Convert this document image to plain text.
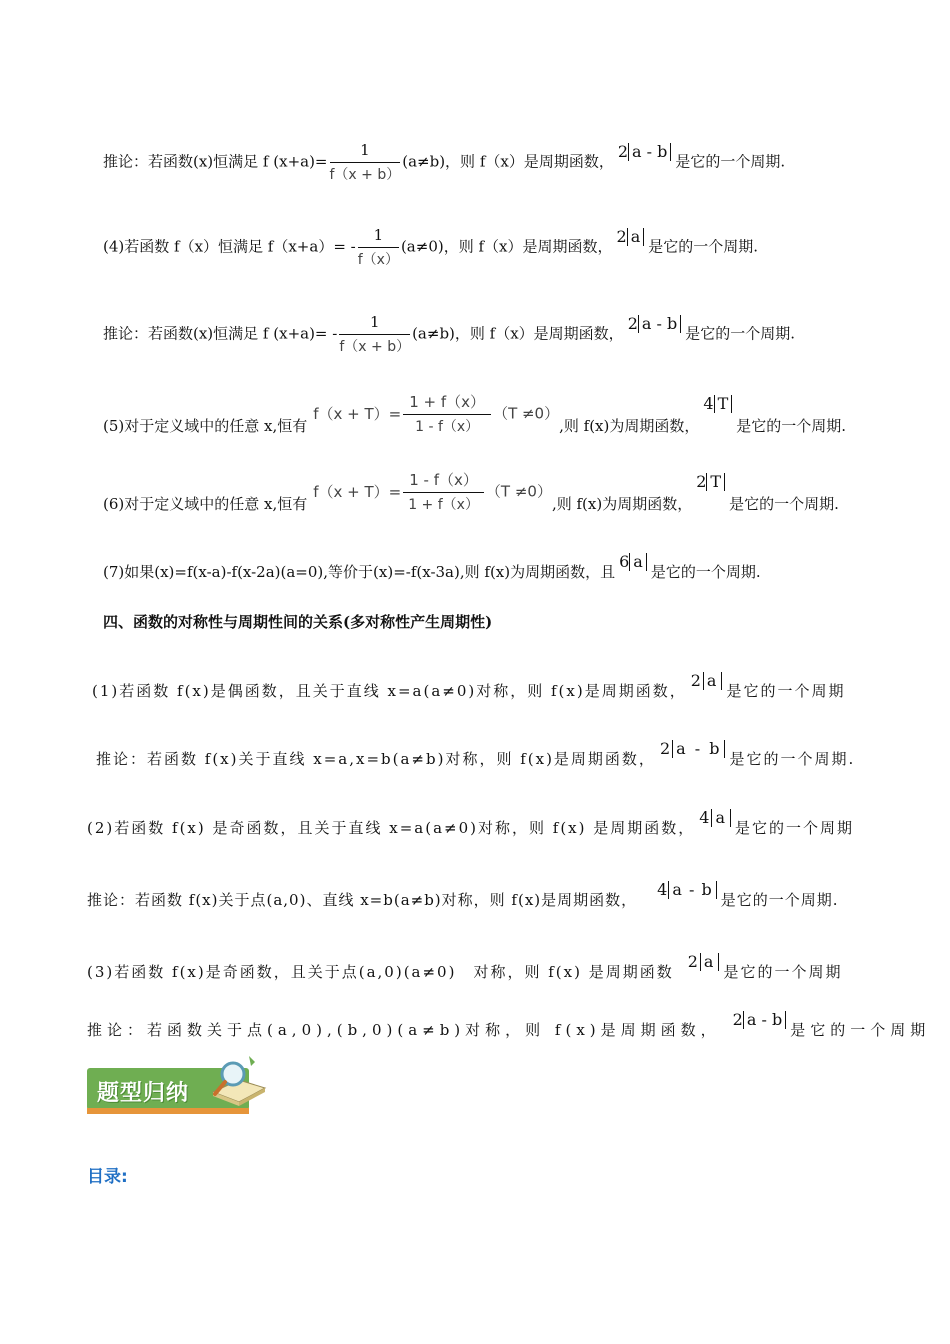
推论：若函数(x)恒满足 f $(x+a)= \frac{1}{f(x + b)} (a\ne b)$，则 f（x）是周期函数，2 a - b是它的一个周期.
(4)若函数 f（x）恒满足 $f(x+a)= - \frac{1}{f(x)} (a\ne 0)$，则 f（x）是周期函数，2 a是它的一个周期.
推论：若函数(x)恒满足 f $(x+a)= - \frac{1}{f(x + b)} (a\ne b)$，则 f（x）是周期函数，2 a - b是它的一个周期.
(5)对于定义域中的任意 x,恒有$f(x + T)= \frac{1 + f(x)}{1 - f(x)} (T \ne 0)$,则 f(x)为周期函数，4 T是它的一个周期.
(6)对于定义域中的任意 x,恒有$f(x + T)= \frac{1 - f(x)}{1 + f(x)} (T \ne 0)$,则 f(x)为周期函数，2 T是它的一个周期.
(7)如果(x)=f(x-a)-f(x-2a)(a=0),等价于(x)=-f(x-3a),则 f(x)为周期函数，且6 a是它的一个周期.
四、函数的对称性与周期性间的关系(多对称性产生周期性)
(1)若函数 f(x)是偶函数，且关于直线 x=a(a≠0)对称，则 f(x)是周期函数，2 a是它的一个周期
推论：若函数 f(x)关于直线 x=a,x=b(a≠b)对称，则 f(x)是周期函数，2 a - b是它的一个周期.
(2)若函数 f(x) 是奇函数，且关于直线 x=a(a≠0)对称，则 f(x) 是周期函数，4 a是它的一个周期
推论：若函数 f(x)关于点(a,0)、直线 x=b(a≠b)对称，则 f(x)是周期函数，4 a - b是它的一个周期.
(3)若函数 f(x)是奇函数，且关于点(a,0)(a≠0)　对称，则 f(x) 是周期函数2 a是它的一个周期
推论：若函数关于点(a,0),(b,0)(a≠b)对称，则 f(x)是周期函数，2 a - b是它的一个周期
题型归纳
目录:
